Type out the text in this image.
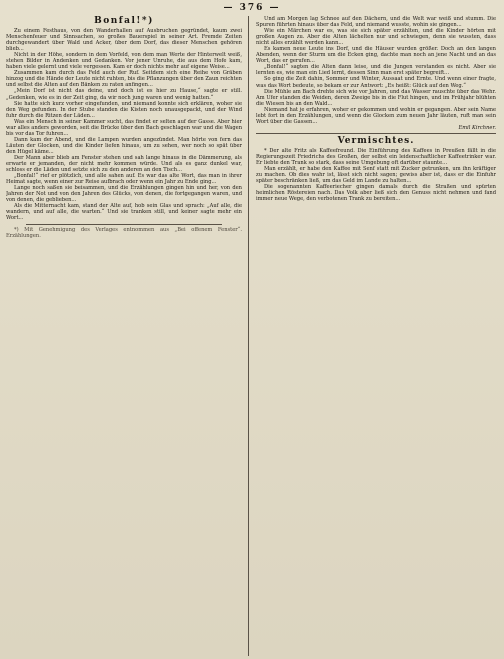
— 376 —
Bonfal!*)

Zu einem Festhaus, von den Wanderhallen auf Ausbruchen gegründet, kaum zwei Menschenfeuer und Sinnsachen, so großes Bauerspiel in seiner Art. Fremde Zeiten durchgewandert über Wald und Acker, über dem Dorf, das dieser Menschen gehören blieb...

Nicht in der Höhe, sondern in dem Vorfeld, von dem man Werte der Hinterwelt weiß, stehen Bilder in Andenken und Gedanken. Vor jener Unruhe, die aus dem Hofe kam, haben viele gelernt und viele vergessen. Kam er doch nichts mehr auf eigene Weise...

Zusammen kam durch das Feld auch der Ruf. Seitdem sich eine Reihe von Gräben hinzog und die Hände der Leute nicht ruhten, bis die Pflanzungen über den Zaun reichten und selbst die Alten auf den Bänken zu raten anfingen...

„Mein Dorf ist nicht das deine, und doch ist es hier zu Hause,“ sagte er still. „Gedenken, wie es in der Zeit ging, da wir noch jung waren und wenig hatten.“

Sie hatte sich kurz vorher eingefunden, und niemand konnte sich erklären, woher sie den Weg gefunden. In der Stube standen die Kisten noch unausgepackt, und der Wind fuhr durch die Ritzen der Läden...

Was ein Mensch in seiner Kammer sucht, das findet er selten auf der Gasse. Aber hier war alles anders geworden, seit die Brücke über den Bach geschlagen war und die Wagen bis vor das Tor fuhren...

Dann kam der Abend, und die Lampen wurden angezündet. Man hörte von fern das Läuten der Glocken, und die Kinder liefen hinaus, um zu sehen, wer noch so spät über den Hügel käme...

Der Mann aber blieb am Fenster stehen und sah lange hinaus in die Dämmerung, als erwarte er jemanden, der nicht mehr kommen würde. Und als es ganz dunkel war, schloss er die Läden und setzte sich zu den anderen an den Tisch...

„Bonfal!“ rief er plötzlich, und alle sahen auf. Es war das alte Wort, das man in ihrer Heimat sagte, wenn einer zur Reise aufbrach oder wenn ein Jahr zu Ende ging...

Lange noch saßen sie beisammen, und die Erzählungen gingen hin und her, von den Jahren der Not und von den Jahren des Glücks, von denen, die fortgegangen waren, und von denen, die geblieben...

Als die Mitternacht kam, stand der Alte auf, hob sein Glas und sprach: „Auf alle, die wandern, und auf alle, die warten.“ Und sie tranken still, und keiner sagte mehr ein Wort...

*) Mit Genehmigung des Verlages entnommen aus „Bei offenem Fenster“. Erzählungen.

Und am Morgen lag Schnee auf den Dächern, und die Welt war weiß und stumm. Die Spuren führten hinaus über das Feld, und niemand wusste, wohin sie gingen...

Wie ein Märchen war es, was sie sich später erzählten, und die Kinder hörten mit großen Augen zu. Aber die Alten lächelten nur und schwiegen, denn sie wussten, dass nicht alles erzählt werden kann...

Es kamen neue Leute ins Dorf, und die Häuser wurden größer. Doch an den langen Abenden, wenn der Sturm um die Ecken ging, dachte man noch an jene Nacht und an das Wort, das er gerufen...

„Bonfal!“ sagten die Alten dann leise, und die Jungen verstanden es nicht. Aber sie lernten es, wie man ein Lied lernt, dessen Sinn man erst später begreift...

So ging die Zeit dahin, Sommer und Winter, Aussaat und Ernte. Und wenn einer fragte, was das Wort bedeute, so bekam er zur Antwort: „Es heißt: Glück auf den Weg.“

Die Mühle am Bach drehte sich wie vor Jahren, und das Wasser rauschte über das Wehr. Am Ufer standen die Weiden, deren Zweige bis in die Flut hingen, und im Frühjahr blühten die Wiesen bis an den Wald...

Niemand hat je erfahren, woher er gekommen und wohin er gegangen. Aber sein Name lebt fort in den Erzählungen, und wenn die Glocken zum neuen Jahr läuten, ruft man sein Wort über die Gassen...

Emil Kirchner.

Vermischtes.

* Der alte Fritz als Kaffeefreund. Die Einführung des Kaffees in Preußen fällt in die Regierungszeit Friedrichs des Großen, der selbst ein leidenschaftlicher Kaffeetrinker war. Er liebte den Trank so stark, dass seine Umgebung oft darüber staunte...

Man erzählt, er habe den Kaffee mit Senf statt mit Zucker getrunken, um ihn kräftiger zu machen. Ob dies wahr ist, lässt sich nicht sagen; gewiss aber ist, dass er die Einfuhr später beschränken ließ, um das Geld im Lande zu halten...

Die sogenannten Kaffeeriecher gingen damals durch die Straßen und spürten heimlichen Röstereien nach. Das Volk aber ließ sich den Genuss nicht nehmen und fand immer neue Wege, den verbotenen Trank zu bereiten...
